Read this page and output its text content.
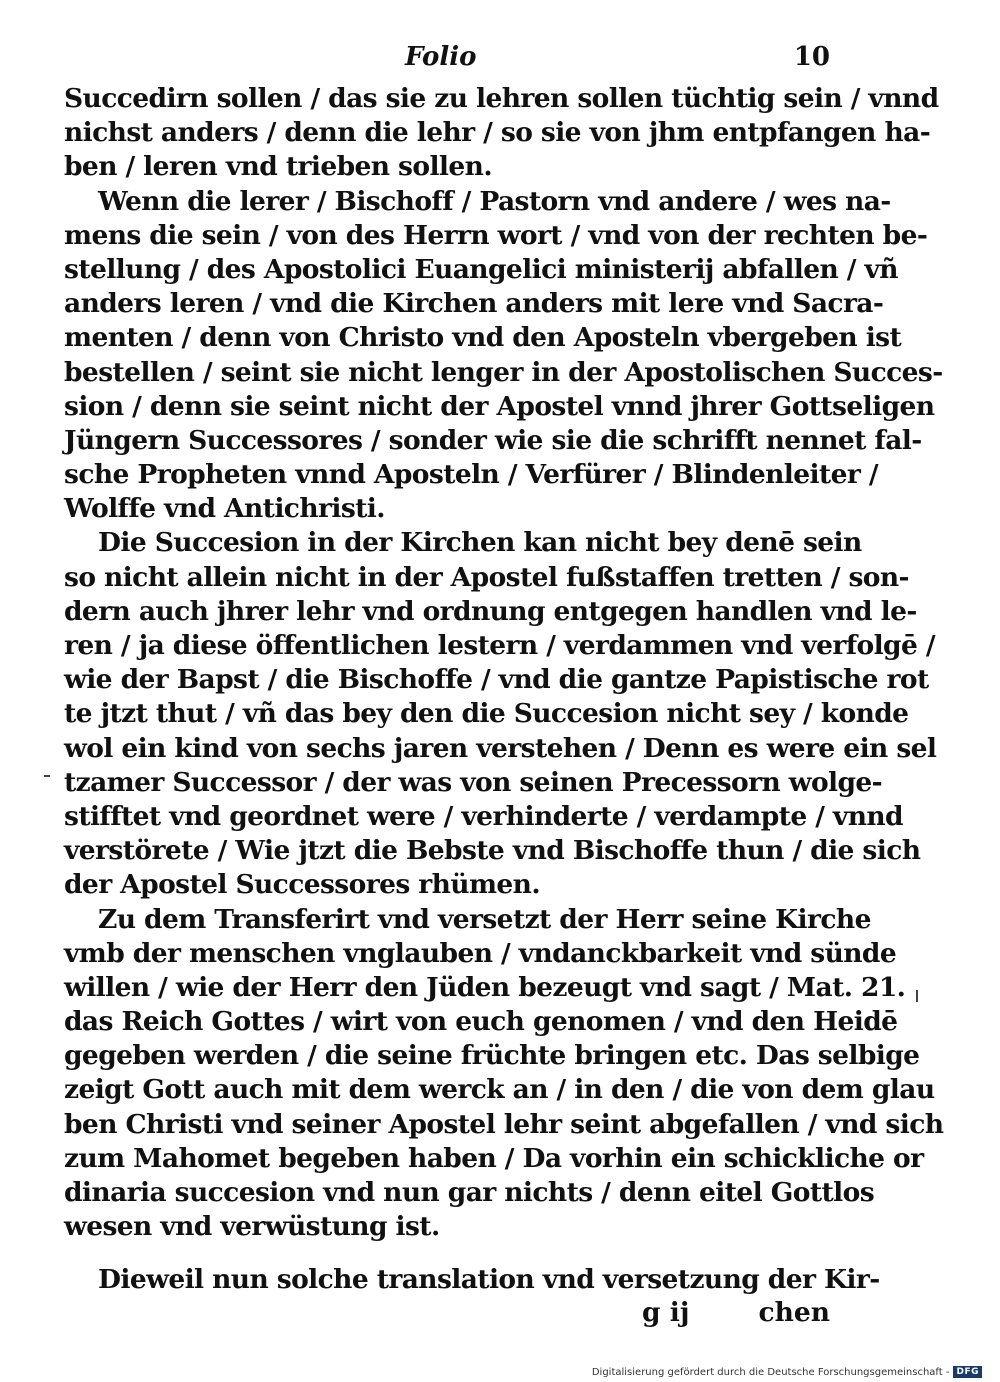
Folio	10
Succedirn sollen / das sie zu lehren sollen tüchtig sein / vnnd
nichst anders / denn die lehr / so sie von jhm entpfangen ha-
ben / leren vnd trieben sollen.
Wenn die lerer / Bischoff / Pastorn vnd andere / wes na-
mens die sein / von des Herrn wort / vnd von der rechten be-
stellung / des Apostolici Euangelici ministerij abfallen / vñ
anders leren / vnd die Kirchen anders mit lere vnd Sacra-
menten / denn von Christo vnd den Aposteln vbergeben ist
bestellen / seint sie nicht lenger in der Apostolischen Succes-
sion / denn sie seint nicht der Apostel vnnd jhrer Gottseligen
Jüngern Successores / sonder wie sie die schrifft nennet fal-
sche Propheten vnnd Aposteln / Verfürer / Blindenleiter /
Wolffe vnd Antichristi.
Die Succesion in der Kirchen kan nicht bey denē sein
so nicht allein nicht in der Apostel fußstaffen tretten / son-
dern auch jhrer lehr vnd ordnung entgegen handlen vnd le-
ren / ja diese öffentlichen lestern / verdammen vnd verfolgē /
wie der Bapst / die Bischoffe / vnd die gantze Papistische rot
te jtzt thut / vñ das bey den die Succesion nicht sey / konde
wol ein kind von sechs jaren verstehen / Denn es were ein sel
tzamer Successor / der was von seinen Precessorn wolge-
stifftet vnd geordnet were / verhinderte / verdampte / vnnd
verstörete / Wie jtzt die Bebste vnd Bischoffe thun / die sich
der Apostel Successores rhümen.
Zu dem Transferirt vnd versetzt der Herr seine Kirche
vmb der menschen vnglauben / vndanckbarkeit vnd sünde
willen / wie der Herr den Jüden bezeugt vnd sagt / Mat. 21.
das Reich Gottes / wirt von euch genomen / vnd den Heidē
gegeben werden / die seine früchte bringen etc. Das selbige
zeigt Gott auch mit dem werck an / in den / die von dem glau
ben Christi vnd seiner Apostel lehr seint abgefallen / vnd sich
zum Mahomet begeben haben / Da vorhin ein schickliche or
dinaria succesion vnd nun gar nichts / denn eitel Gottlos
wesen vnd verwüstung ist.
Dieweil nun solche translation vnd versetzung der Kir-
g ij	chen
Digitalisierung gefördert durch die Deutsche Forschungsgemeinschaft - DFG
